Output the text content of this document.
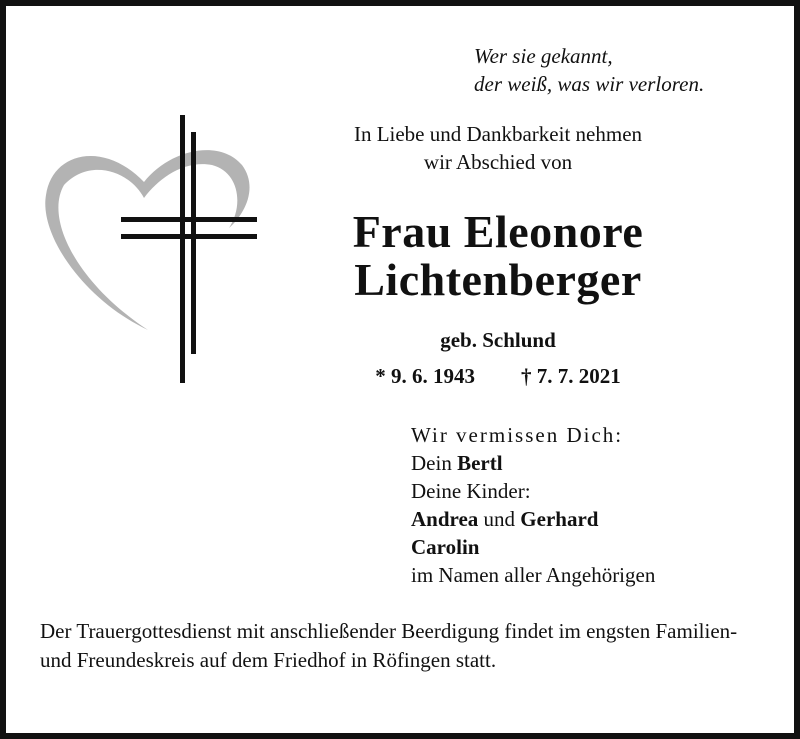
Wer sie gekannt,
der weiß, was wir verloren.
In Liebe und Dankbarkeit nehmen
wir Abschied von
Frau Eleonore
Lichtenberger
geb. Schlund
* 9. 6. 1943 † 7. 7. 2021
Wir vermissen Dich:
Dein Bertl
Deine Kinder:
Andrea und Gerhard
Carolin
im Namen aller Angehörigen
Der Trauergottesdienst mit anschließender Beerdigung findet im engsten Familien- und Freundeskreis auf dem Friedhof in Röfingen statt.
